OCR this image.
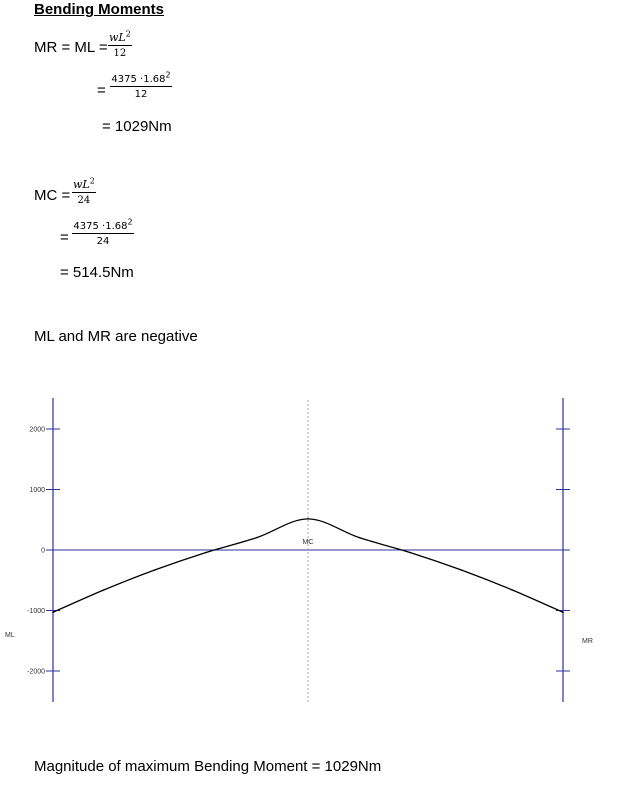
Bending Moments
MR = ML =
$wL^2$
12
=
$4375 \cdot 1.68^2$
12
= 1029Nm
MC =
$wL^2$
24
=
$4375 \cdot 1.68^2$
24
= 514.5Nm
ML and MR are negative
2000
1000
0
-1000
-2000
MC
ML
MR
Magnitude of maximum Bending Moment = 1029Nm
